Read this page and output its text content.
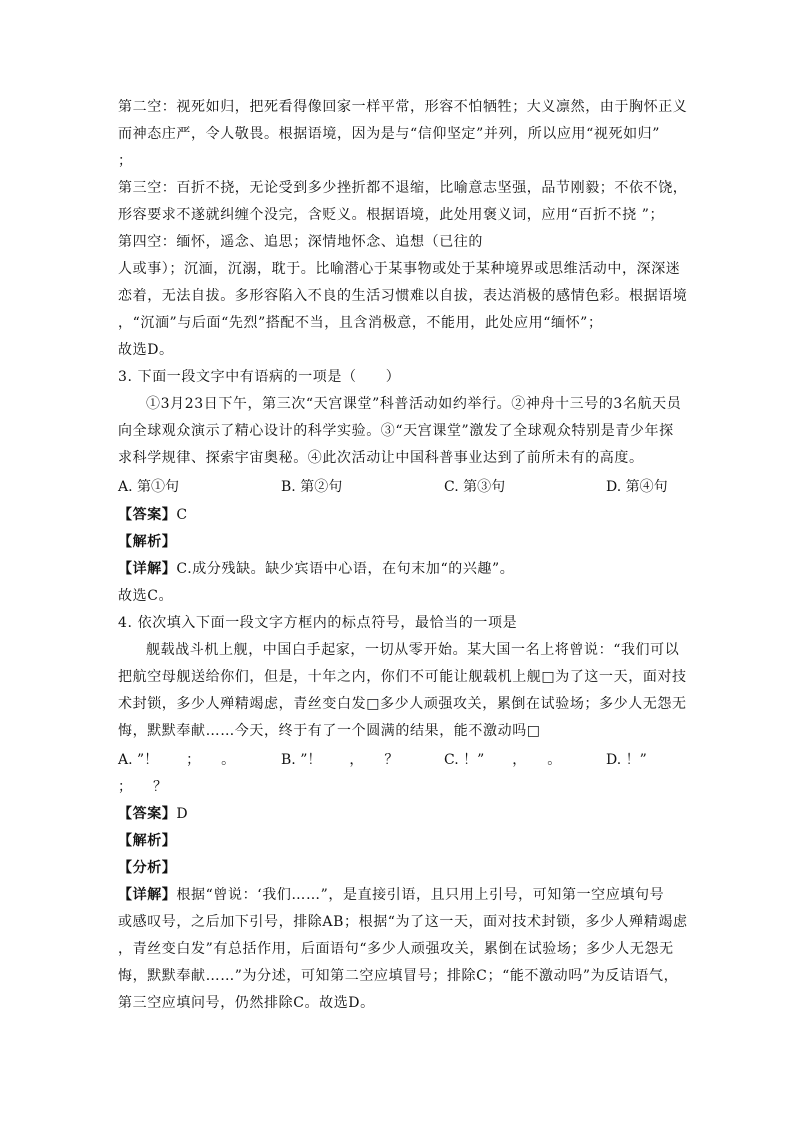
第二空：视死如归，把死看得像回家一样平常，形容不怕牺牲；大义凛然，由于胸怀正义
而神态庄严，令人敬畏。根据语境，因为是与“信仰坚定”并列，所以应用“视死如归”
；
第三空：百折不挠，无论受到多少挫折都不退缩，比喻意志坚强，品节刚毅；不依不饶，
形容要求不遂就纠缠个没完，含贬义。根据语境，此处用褒义词，应用“百折不挠 ”；
第四空：缅怀，遥念、追思；深情地怀念、追想（已往的
人或事）；沉湎，沉溺，耽于。比喻潜心于某事物或处于某种境界或思维活动中，深深迷
恋着，无法自拔。多形容陷入不良的生活习惯难以自拔，表达消极的感情色彩。根据语境
，“沉湎”与后面“先烈”搭配不当，且含消极意，不能用，此处应用“缅怀”；
故选D。
3. 下面一段文字中有语病的一项是（　　）
①3月23日下午，第三次“天宫课堂”科普活动如约举行。②神舟十三号的3名航天员
向全球观众演示了精心设计的科学实验。③“天宫课堂”激发了全球观众特别是青少年探
求科学规律、探索宇宙奥秘。④此次活动让中国科普事业达到了前所未有的高度。
A. 第①句	B. 第②句	C. 第③句	D. 第④句
【答案】C
【解析】
【详解】C.成分残缺。缺少宾语中心语，在句末加“的兴趣”。
故选C。
4. 依次填入下面一段文字方框内的标点符号，最恰当的一项是
舰载战斗机上舰，中国白手起家，一切从零开始。某大国一名上将曾说：“我们可以
把航空母舰送给你们，但是，十年之内，你们不可能让舰载机上舰□为了这一天，面对技
术封锁，多少人殚精竭虑，青丝变白发□多少人顽强攻关，累倒在试验场；多少人无怨无
悔，默默奉献……今天，终于有了一个圆满的结果，能不激动吗□
A. ”！　　；　　。	B. ”！　　，　　？	C. ！”　　，　　。	D. ！”
；　　？
【答案】D
【解析】
【分析】
【详解】根据“曾说：‘我们……”，是直接引语，且只用上引号，可知第一空应填句号
或感叹号，之后加下引号，排除AB；根据“为了这一天，面对技术封锁，多少人殚精竭虑
，青丝变白发”有总括作用，后面语句“多少人顽强攻关，累倒在试验场；多少人无怨无
悔，默默奉献……”为分述，可知第二空应填冒号；排除C；“能不激动吗”为反诘语气，
第三空应填问号，仍然排除C。故选D。
